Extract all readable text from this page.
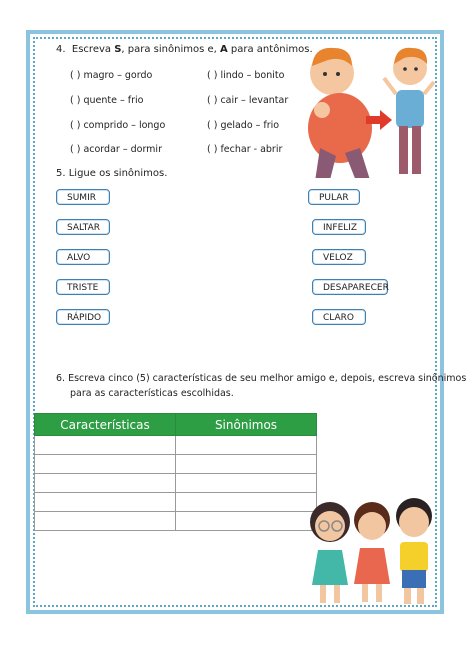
4. Escreva S, para sinônimos e, A para antônimos.
( ) magro – gordo	( ) lindo – bonito
( ) quente – frio	( ) cair – levantar
( ) comprido – longo	( ) gelado – frio
( ) acordar – dormir	( ) fechar - abrir
5. Ligue os sinônimos.
SUMIR
SALTAR
ALVO
TRISTE
RÁPIDO
PULAR
INFELIZ
VELOZ
DESAPARECER
CLARO
6. Escreva cinco (5) características de seu melhor amigo e, depois, escreva sinônimos
para as características escolhidas.
Características	Sinônimos
